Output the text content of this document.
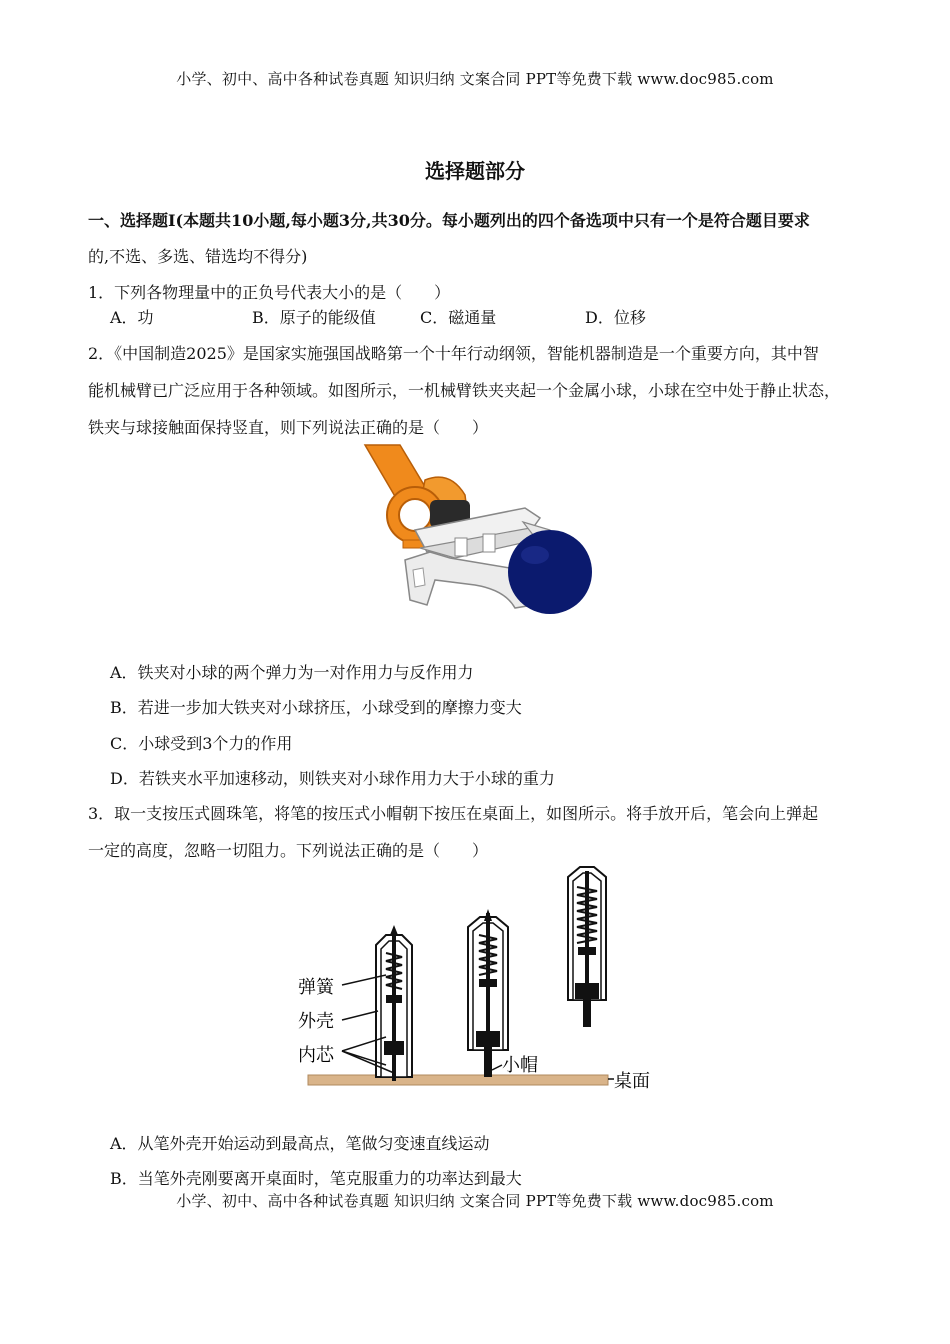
小学、初中、高中各种试卷真题 知识归纳 文案合同 PPT等免费下载 www.doc985.com
选择题部分
一、选择题Ⅰ(本题共10小题,每小题3分,共30分。每小题列出的四个备选项中只有一个是符合题目要求
的,不选、多选、错选均不得分)
1．下列各物理量中的正负号代表大小的是（　　）
A．功	B．原子的能级值	C．磁通量	D．位移
2．《中国制造2025》是国家实施强国战略第一个十年行动纲领，智能机器制造是一个重要方向，其中智
能机械臂已广泛应用于各种领域。如图所示，一机械臂铁夹夹起一个金属小球，小球在空中处于静止状态，
铁夹与球接触面保持竖直，则下列说法正确的是（　　）
A．铁夹对小球的两个弹力为一对作用力与反作用力
B．若进一步加大铁夹对小球挤压，小球受到的摩擦力变大
C．小球受到3个力的作用
D．若铁夹水平加速移动，则铁夹对小球作用力大于小球的重力
3．取一支按压式圆珠笔，将笔的按压式小帽朝下按压在桌面上，如图所示。将手放开后，笔会向上弹起
一定的高度，忽略一切阻力。下列说法正确的是（　　）
弹簧
外壳
内芯	小帽
桌面
A．从笔外壳开始运动到最高点，笔做匀变速直线运动
B．当笔外壳刚要离开桌面时，笔克服重力的功率达到最大
小学、初中、高中各种试卷真题 知识归纳 文案合同 PPT等免费下载 www.doc985.com
